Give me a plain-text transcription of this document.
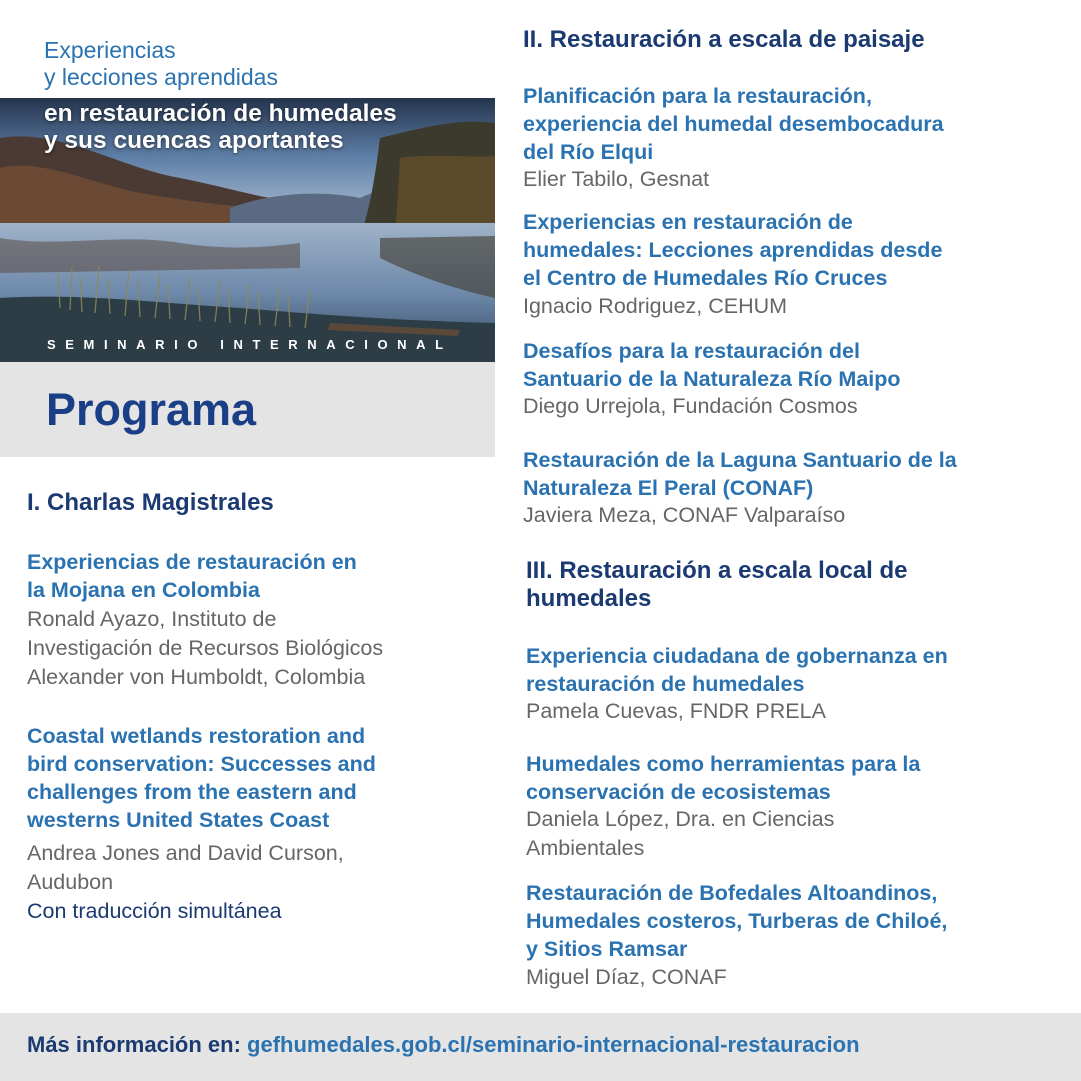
Experiencias
y lecciones aprendidas
en restauración de humedales
y sus cuencas aportantes
SEMINARIO INTERNACIONAL
Programa
I. Charlas Magistrales
Experiencias de restauración en
la Mojana en Colombia
Ronald Ayazo, Instituto de
Investigación de Recursos Biológicos
Alexander von Humboldt, Colombia
Coastal wetlands restoration and
bird conservation: Successes and
challenges from the eastern and
westerns United States Coast
Andrea Jones and David Curson,
Audubon
Con traducción simultánea
II. Restauración a escala de paisaje
Planificación para la restauración,
experiencia del humedal desembocadura
del Río Elqui
Elier Tabilo, Gesnat
Experiencias en restauración de
humedales: Lecciones aprendidas desde
el Centro de Humedales Río Cruces
Ignacio Rodriguez, CEHUM
Desafíos para la restauración del
Santuario de la Naturaleza Río Maipo
Diego Urrejola, Fundación Cosmos
Restauración de la Laguna Santuario de la
Naturaleza El Peral (CONAF)
Javiera Meza, CONAF Valparaíso
III. Restauración a escala local de
humedales
Experiencia ciudadana de gobernanza en
restauración de humedales
Pamela Cuevas, FNDR PRELA
Humedales como herramientas para la
conservación de ecosistemas
Daniela López, Dra. en Ciencias
Ambientales
Restauración de Bofedales Altoandinos,
Humedales costeros, Turberas de Chiloé,
y Sitios Ramsar
Miguel Díaz, CONAF
Más información en: gefhumedales.gob.cl/seminario-internacional-restauracion
